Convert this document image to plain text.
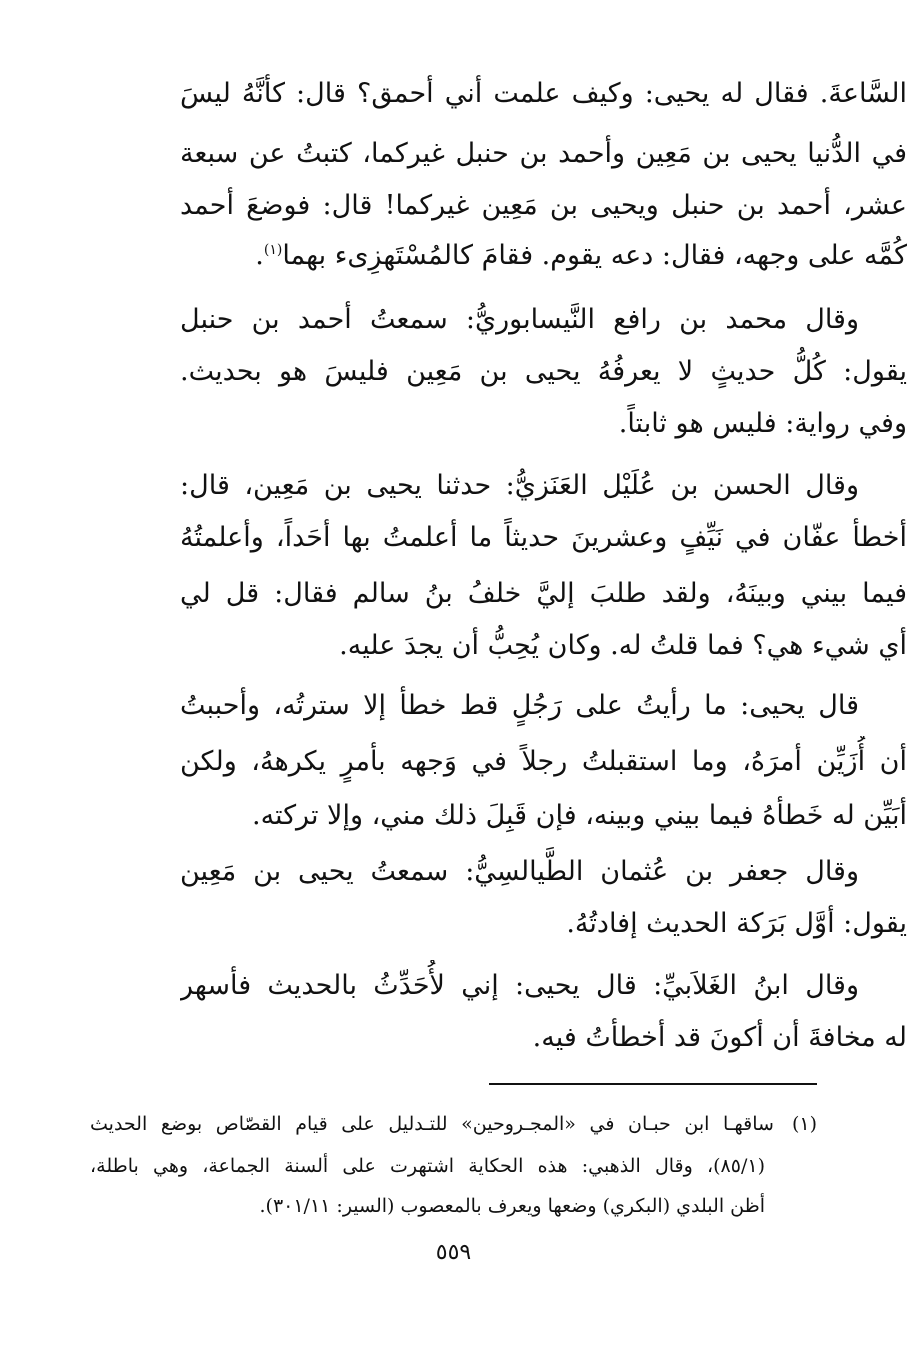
السَّاعةَ. فقال له يحيى: وكيف علمت أني أحمق؟ قال: كأنَّهُ ليسَ
في الدُّنيا يحيى بن مَعِين وأحمد بن حنبل غيركما، كتبتُ عن سبعة
عشر، أحمد بن حنبل ويحيى بن مَعِين غيركما! قال: فوضعَ أحمد
كُمَّه على وجهه، فقال: دعه يقوم. فقامَ كالمُسْتَهزِىء بهما$^{(١)}$.
وقال محمد بن رافع النَّيسابوريُّ: سمعتُ أحمد بن حنبل
يقول: كُلُّ حديثٍ لا يعرفُهُ يحيى بن مَعِين فليسَ هو بحديث.
وفي رواية: فليس هو ثابتاً.
وقال الحسن بن عُلَيْل العَنَزيُّ: حدثنا يحيى بن مَعِين، قال:
أخطأ عفّان في نَيِّفٍ وعشرينَ حديثاً ما أعلمتُ بها أحَداً، وأعلمتُهُ
فيما بيني وبينَهُ، ولقد طلبَ إليَّ خلفُ بنُ سالم فقال: قل لي
أي شيء هي؟ فما قلتُ له. وكان يُحِبُّ أن يجدَ عليه.
قال يحيى: ما رأيتُ على رَجُلٍ قط خطأ إلا سترتُه، وأحببتُ
أن أُزَيِّن أمرَهُ، وما استقبلتُ رجلاً في وَجهه بأمرٍ يكرههُ، ولكن
أبَيِّن له خَطأهُ فيما بيني وبينه، فإن قَبِلَ ذلك مني، وإلا تركته.
وقال جعفر بن عُثمان الطَّيالسِيُّ: سمعتُ يحيى بن مَعِين
يقول: أوَّل بَرَكة الحديث إفادتُهُ.
وقال ابنُ الغَلاَبيِّ: قال يحيى: إني لأُحَدِّثُ بالحديث فأسهر
له مخافةَ أن أكونَ قد أخطأتُ فيه.
(١)ساقهـا ابن حبـان في «المجـروحين» للتـدليل على قيام القصّاص بوضع الحديث
(٨٥/١)، وقال الذهبي: هذه الحكاية اشتهرت على ألسنة الجماعة، وهي باطلة،
أظن البلدي (البكري) وضعها ويعرف بالمعصوب (السير: ٣٠١/١١).
٥٥٩
